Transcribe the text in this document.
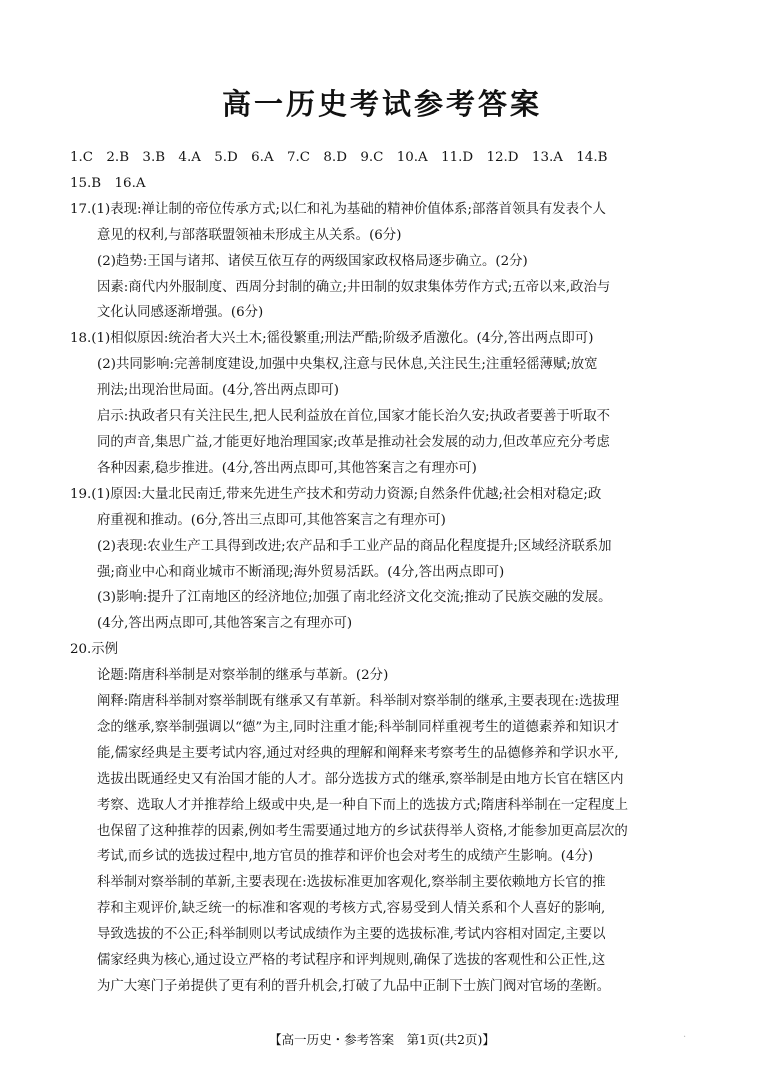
高一历史考试参考答案

1.C　2.B　3.B　4.A　5.D　6.A　7.C　8.D　9.C　10.A　11.D　12.D　13.A　14.B

15.B　16.A

17.(1)表现:禅让制的帝位传承方式;以仁和礼为基础的精神价值体系;部落首领具有发表个人

意见的权利,与部落联盟领袖未形成主从关系。(6分)

(2)趋势:王国与诸邦、诸侯互依互存的两级国家政权格局逐步确立。(2分)

因素:商代内外服制度、西周分封制的确立;井田制的奴隶集体劳作方式;五帝以来,政治与

文化认同感逐渐增强。(6分)

18.(1)相似原因:统治者大兴土木;徭役繁重;刑法严酷;阶级矛盾激化。(4分,答出两点即可)

(2)共同影响:完善制度建设,加强中央集权,注意与民休息,关注民生;注重轻徭薄赋;放宽

刑法;出现治世局面。(4分,答出两点即可)

启示:执政者只有关注民生,把人民利益放在首位,国家才能长治久安;执政者要善于听取不

同的声音,集思广益,才能更好地治理国家;改革是推动社会发展的动力,但改革应充分考虑

各种因素,稳步推进。(4分,答出两点即可,其他答案言之有理亦可)

19.(1)原因:大量北民南迁,带来先进生产技术和劳动力资源;自然条件优越;社会相对稳定;政

府重视和推动。(6分,答出三点即可,其他答案言之有理亦可)

(2)表现:农业生产工具得到改进;农产品和手工业产品的商品化程度提升;区域经济联系加

强;商业中心和商业城市不断涌现;海外贸易活跃。(4分,答出两点即可)

(3)影响:提升了江南地区的经济地位;加强了南北经济文化交流;推动了民族交融的发展。

(4分,答出两点即可,其他答案言之有理亦可)

20.示例

论题:隋唐科举制是对察举制的继承与革新。(2分)

阐释:隋唐科举制对察举制既有继承又有革新。科举制对察举制的继承,主要表现在:选拔理

念的继承,察举制强调以“德”为主,同时注重才能;科举制同样重视考生的道德素养和知识才

能,儒家经典是主要考试内容,通过对经典的理解和阐释来考察考生的品德修养和学识水平,

选拔出既通经史又有治国才能的人才。部分选拔方式的继承,察举制是由地方长官在辖区内

考察、选取人才并推荐给上级或中央,是一种自下而上的选拔方式;隋唐科举制在一定程度上

也保留了这种推荐的因素,例如考生需要通过地方的乡试获得举人资格,才能参加更高层次的

考试,而乡试的选拔过程中,地方官员的推荐和评价也会对考生的成绩产生影响。(4分)

科举制对察举制的革新,主要表现在:选拔标准更加客观化,察举制主要依赖地方长官的推

荐和主观评价,缺乏统一的标准和客观的考核方式,容易受到人情关系和个人喜好的影响,

导致选拔的不公正;科举制则以考试成绩作为主要的选拔标准,考试内容相对固定,主要以

儒家经典为核心,通过设立严格的考试程序和评判规则,确保了选拔的客观性和公正性,这

为广大寒门子弟提供了更有利的晋升机会,打破了九品中正制下士族门阀对官场的垄断。

【高一历史・参考答案　第1页(共2页)】	·
